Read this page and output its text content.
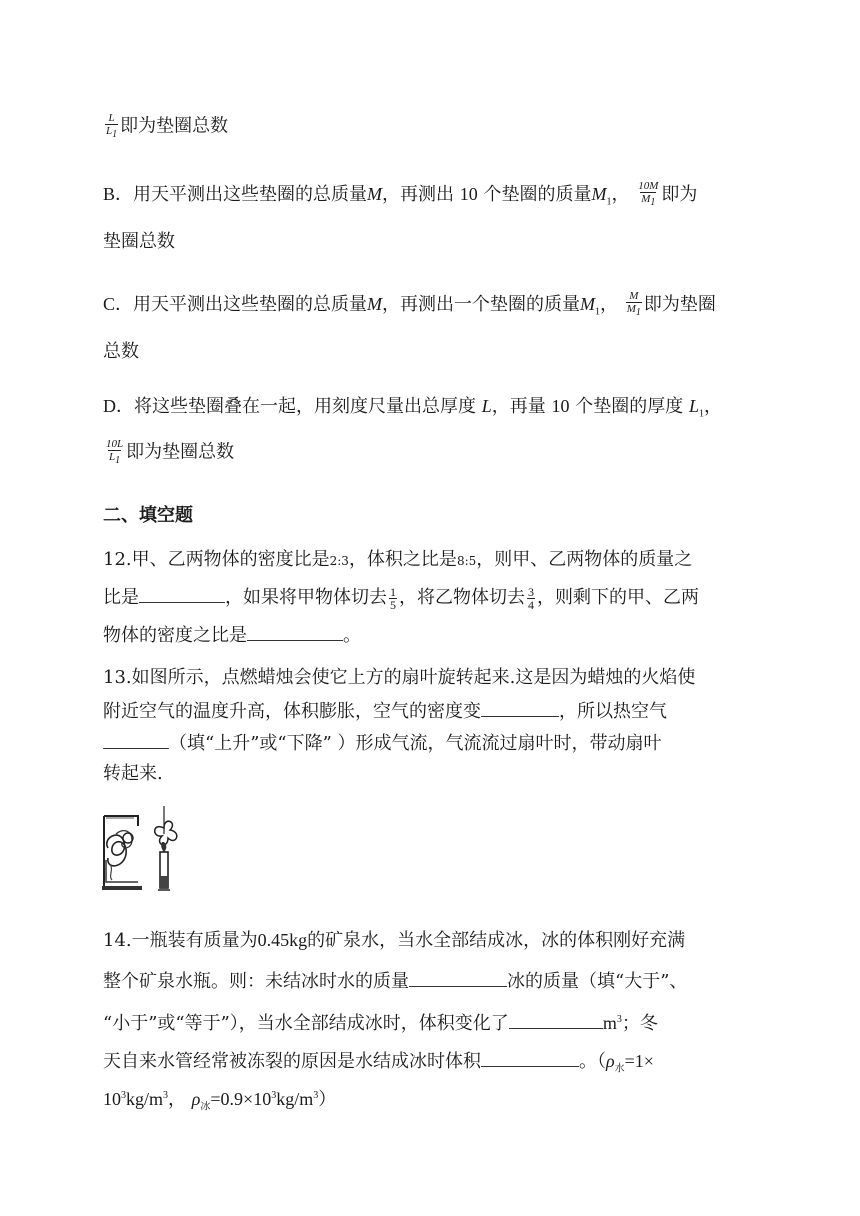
$\frac{L}{L_1}$ 即为垫圈总数
B．用天平测出这些垫圈的总质量M，再测出 10 个垫圈的质量$M_1$， $\frac{10M}{M_1}$ 即为
垫圈总数
C．用天平测出这些垫圈的总质量M，再测出一个垫圈的质量$M_1$， $\frac{M}{M_1}$ 即为垫圈
总数
D．将这些垫圈叠在一起，用刻度尺量出总厚度 L，再量 10 个垫圈的厚度 $L_1$，
$\frac{10L}{L_1}$ 即为垫圈总数
二、填空题
12.甲、乙两物体的密度比是2:3，体积之比是8:5，则甲、乙两物体的质量之
比是	，如果将甲物体切去 $\frac{1}{5}$ ，将乙物体切去 $\frac{3}{4}$ ，则剩下的甲、乙两
物体的密度之比是	。
13.如图所示，点燃蜡烛会使它上方的扇叶旋转起来.这是因为蜡烛的火焰使
附近空气的温度升高，体积膨胀，空气的密度变	，所以热空气
（填“上升”或“下降” ）形成气流，气流流过扇叶时，带动扇叶
转起来.
14.一瓶装有质量为0.45kg的矿泉水，当水全部结成冰，冰的体积刚好充满
整个矿泉水瓶。则：未结冰时水的质量	冰的质量（填“大于”、
“小于”或“等于”），当水全部结成冰时，体积变化了	$m^3$；冬
天自来水管经常被冻裂的原因是水结成冰时体积	。（$\rho_水=1\times$
$10^3kg/m^3$， $\rho_冰=0.9\times 10^3kg/m^3$）
